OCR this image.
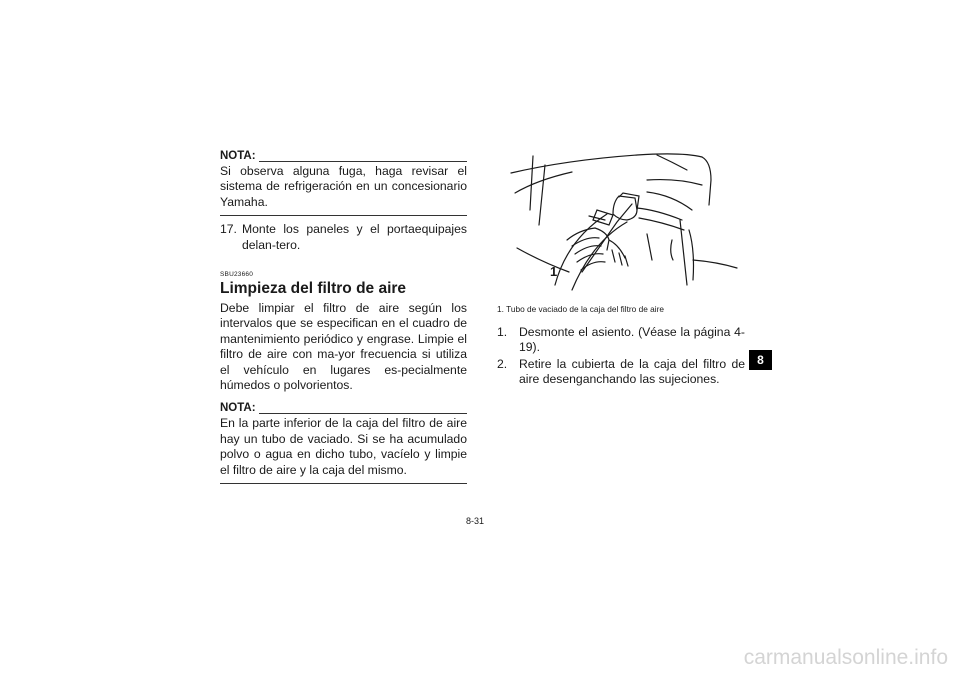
NOTA:
Si observa alguna fuga, haga revisar el sistema de refrigeración en un concesionario Yamaha.
17. Monte los paneles y el portaequipajes delan-tero.
SBU23660
Limpieza del filtro de aire
Debe limpiar el filtro de aire según los intervalos que se especifican en el cuadro de mantenimiento periódico y engrase. Limpie el filtro de aire con ma-yor frecuencia si utiliza el vehículo en lugares es-pecialmente húmedos o polvorientos.
NOTA:
En la parte inferior de la caja del filtro de aire hay un tubo de vaciado. Si se ha acumulado polvo o agua en dicho tubo, vacíelo y limpie el filtro de aire y la caja del mismo.
1
1. Tubo de vaciado de la caja del filtro de aire
1. Desmonte el asiento. (Véase la página 4-19).
2. Retire la cubierta de la caja del filtro de aire desenganchando las sujeciones.
8
8-31
carmanualsonline.info
